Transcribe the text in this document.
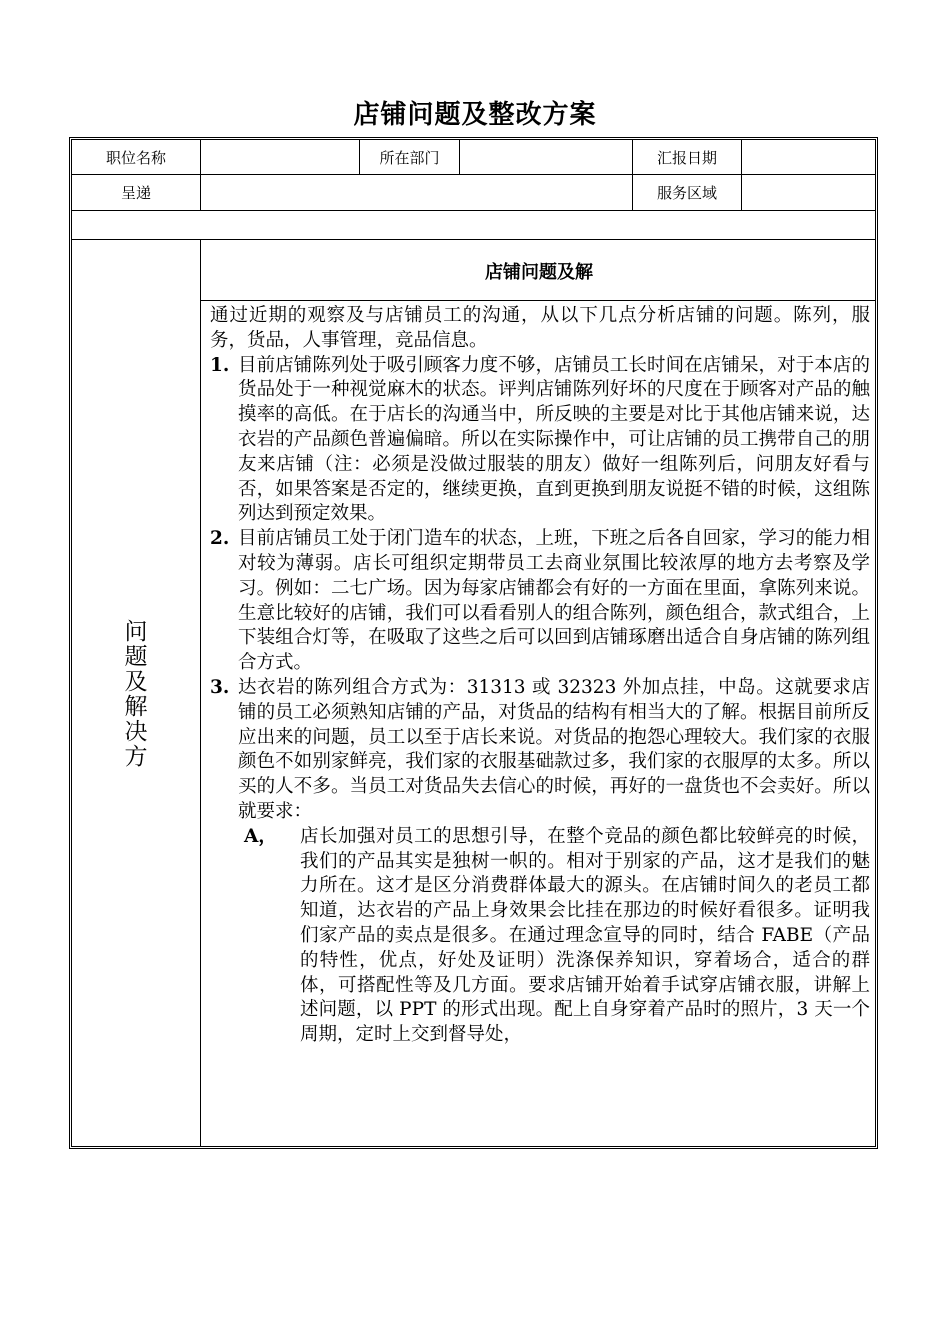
店铺问题及整改方案
职位名称	所在部门	汇报日期
呈递	服务区域
问
题
及
解
决
方
店铺问题及解

通过近期的观察及与店铺员工的沟通，从以下几点分析店铺的问题。陈列，服务，货品，人事管理，竞品信息。

1. 目前店铺陈列处于吸引顾客力度不够，店铺员工长时间在店铺呆，对于本店的货品处于一种视觉麻木的状态。评判店铺陈列好坏的尺度在于顾客对产品的触摸率的高低。在于店长的沟通当中，所反映的主要是对比于其他店铺来说，达衣岩的产品颜色普遍偏暗。所以在实际操作中，可让店铺的员工携带自己的朋友来店铺（注：必须是没做过服装的朋友）做好一组陈列后，问朋友好看与否，如果答案是否定的，继续更换，直到更换到朋友说挺不错的时候，这组陈列达到预定效果。
2. 目前店铺员工处于闭门造车的状态，上班，下班之后各自回家，学习的能力相对较为薄弱。店长可组织定期带员工去商业氛围比较浓厚的地方去考察及学习。例如：二七广场。因为每家店铺都会有好的一方面在里面，拿陈列来说。生意比较好的店铺，我们可以看看别人的组合陈列，颜色组合，款式组合，上下装组合灯等，在吸取了这些之后可以回到店铺琢磨出适合自身店铺的陈列组合方式。
3. 达衣岩的陈列组合方式为：31313 或 32323 外加点挂，中岛。这就要求店铺的员工必须熟知店铺的产品，对货品的结构有相当大的了解。根据目前所反应出来的问题，员工以至于店长来说。对货品的抱怨心理较大。我们家的衣服颜色不如别家鲜亮，我们家的衣服基础款过多，我们家的衣服厚的太多。所以买的人不多。当员工对货品失去信心的时候，再好的一盘货也不会卖好。所以就要求：
A， 店长加强对员工的思想引导，在整个竞品的颜色都比较鲜亮的时候，我们的产品其实是独树一帜的。相对于别家的产品，这才是我们的魅力所在。这才是区分消费群体最大的源头。在店铺时间久的老员工都知道，达衣岩的产品上身效果会比挂在那边的时候好看很多。证明我们家产品的卖点是很多。在通过理念宣导的同时，结合 FABE（产品的特性，优点，好处及证明）洗涤保养知识，穿着场合，适合的群体，可搭配性等及几方面。要求店铺开始着手试穿店铺衣服，讲解上述问题，以 PPT 的形式出现。配上自身穿着产品时的照片，3 天一个周期，定时上交到督导处，
